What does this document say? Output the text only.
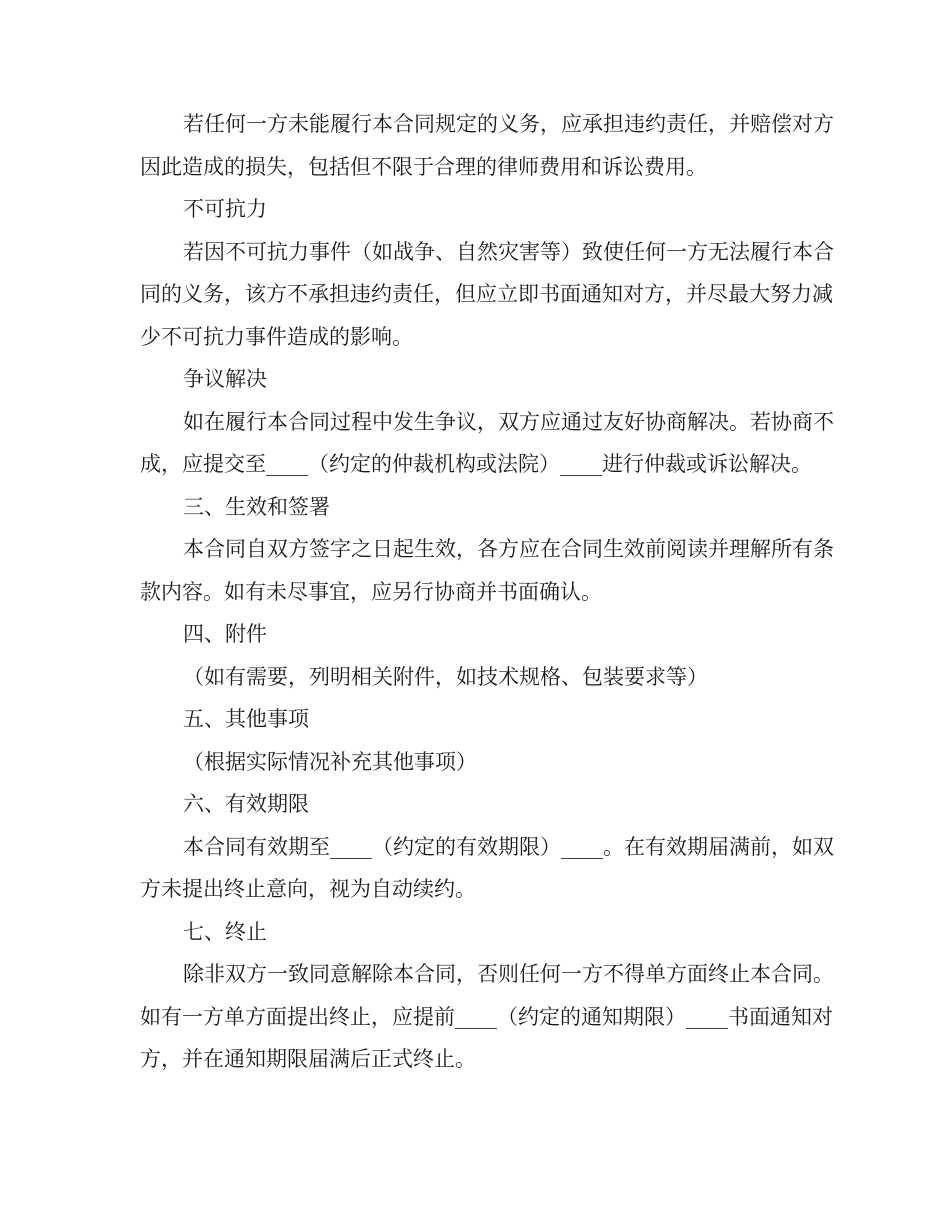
若任何一方未能履行本合同规定的义务，应承担违约责任，并赔偿对方因此造成的损失，包括但不限于合理的律师费用和诉讼费用。

不可抗力

若因不可抗力事件（如战争、自然灾害等）致使任何一方无法履行本合同的义务，该方不承担违约责任，但应立即书面通知对方，并尽最大努力减少不可抗力事件造成的影响。

争议解决

如在履行本合同过程中发生争议，双方应通过友好协商解决。若协商不成，应提交至____（约定的仲裁机构或法院）____进行仲裁或诉讼解决。

三、生效和签署

本合同自双方签字之日起生效，各方应在合同生效前阅读并理解所有条款内容。如有未尽事宜，应另行协商并书面确认。

四、附件

（如有需要，列明相关附件，如技术规格、包装要求等）

五、其他事项

（根据实际情况补充其他事项）

六、有效期限

本合同有效期至____（约定的有效期限）____。在有效期届满前，如双方未提出终止意向，视为自动续约。

七、终止

除非双方一致同意解除本合同，否则任何一方不得单方面终止本合同。如有一方单方面提出终止，应提前____（约定的通知期限）____书面通知对方，并在通知期限届满后正式终止。
